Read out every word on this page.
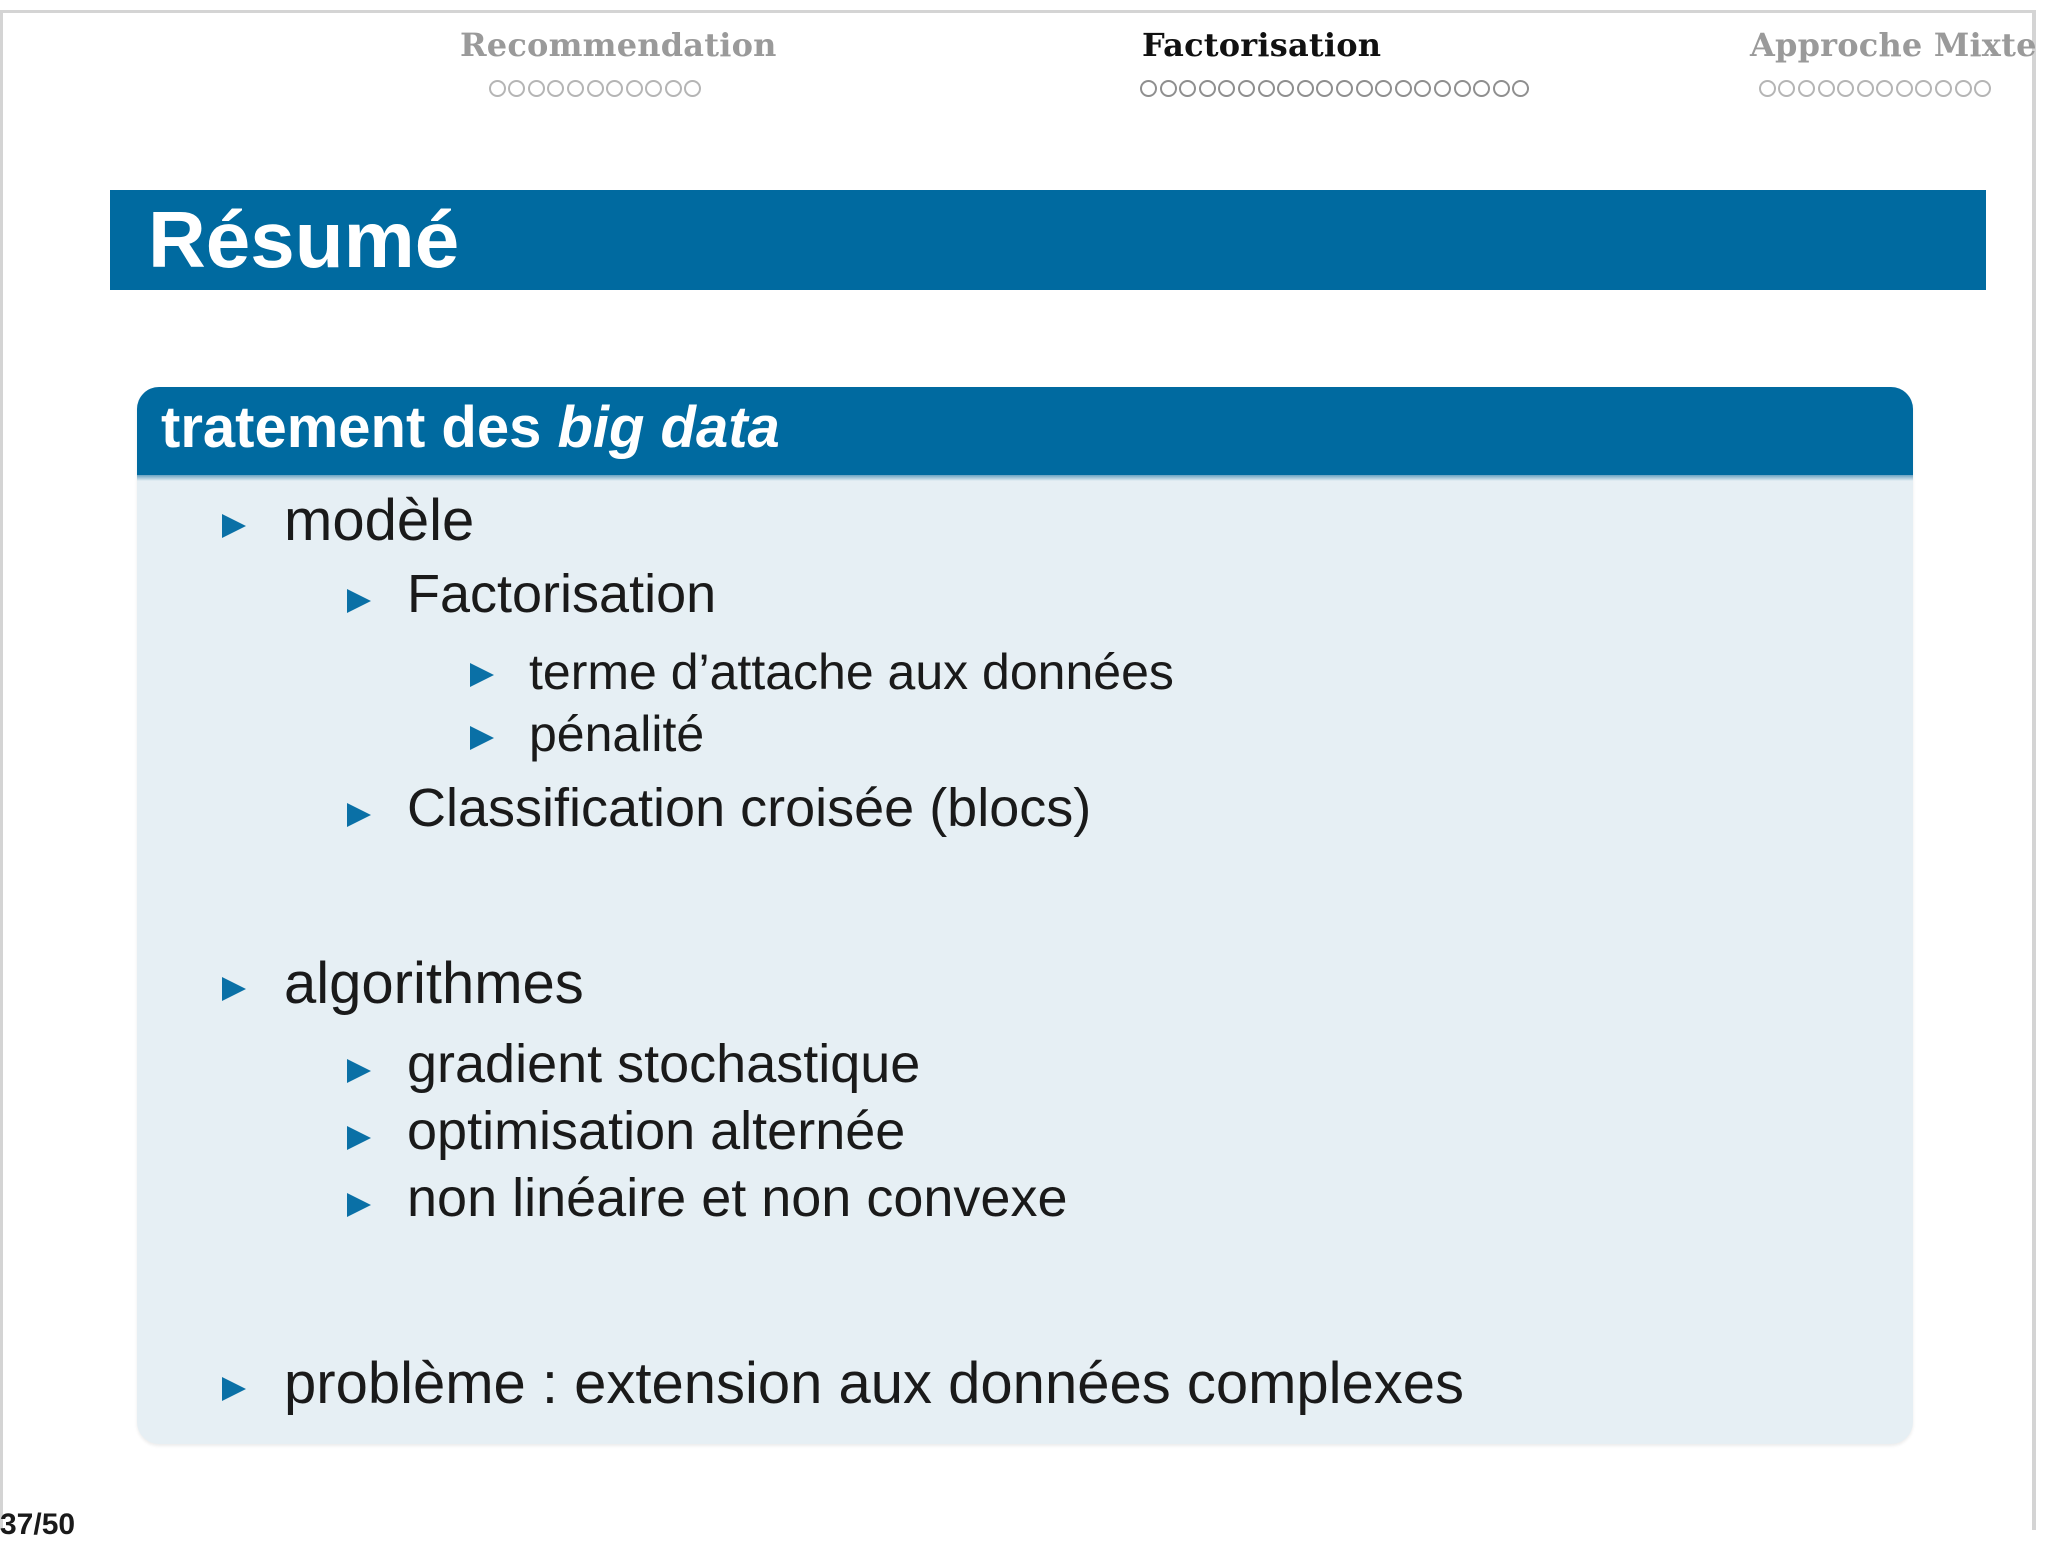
Recommendation	Factorisation	Approche Mixte
Résumé
tratement des big data
modèle
Factorisation
terme d’attache aux données
pénalité
Classification croisée (blocs)
algorithmes
gradient stochastique
optimisation alternée
non linéaire et non convexe
problème : extension aux données complexes
37/50
